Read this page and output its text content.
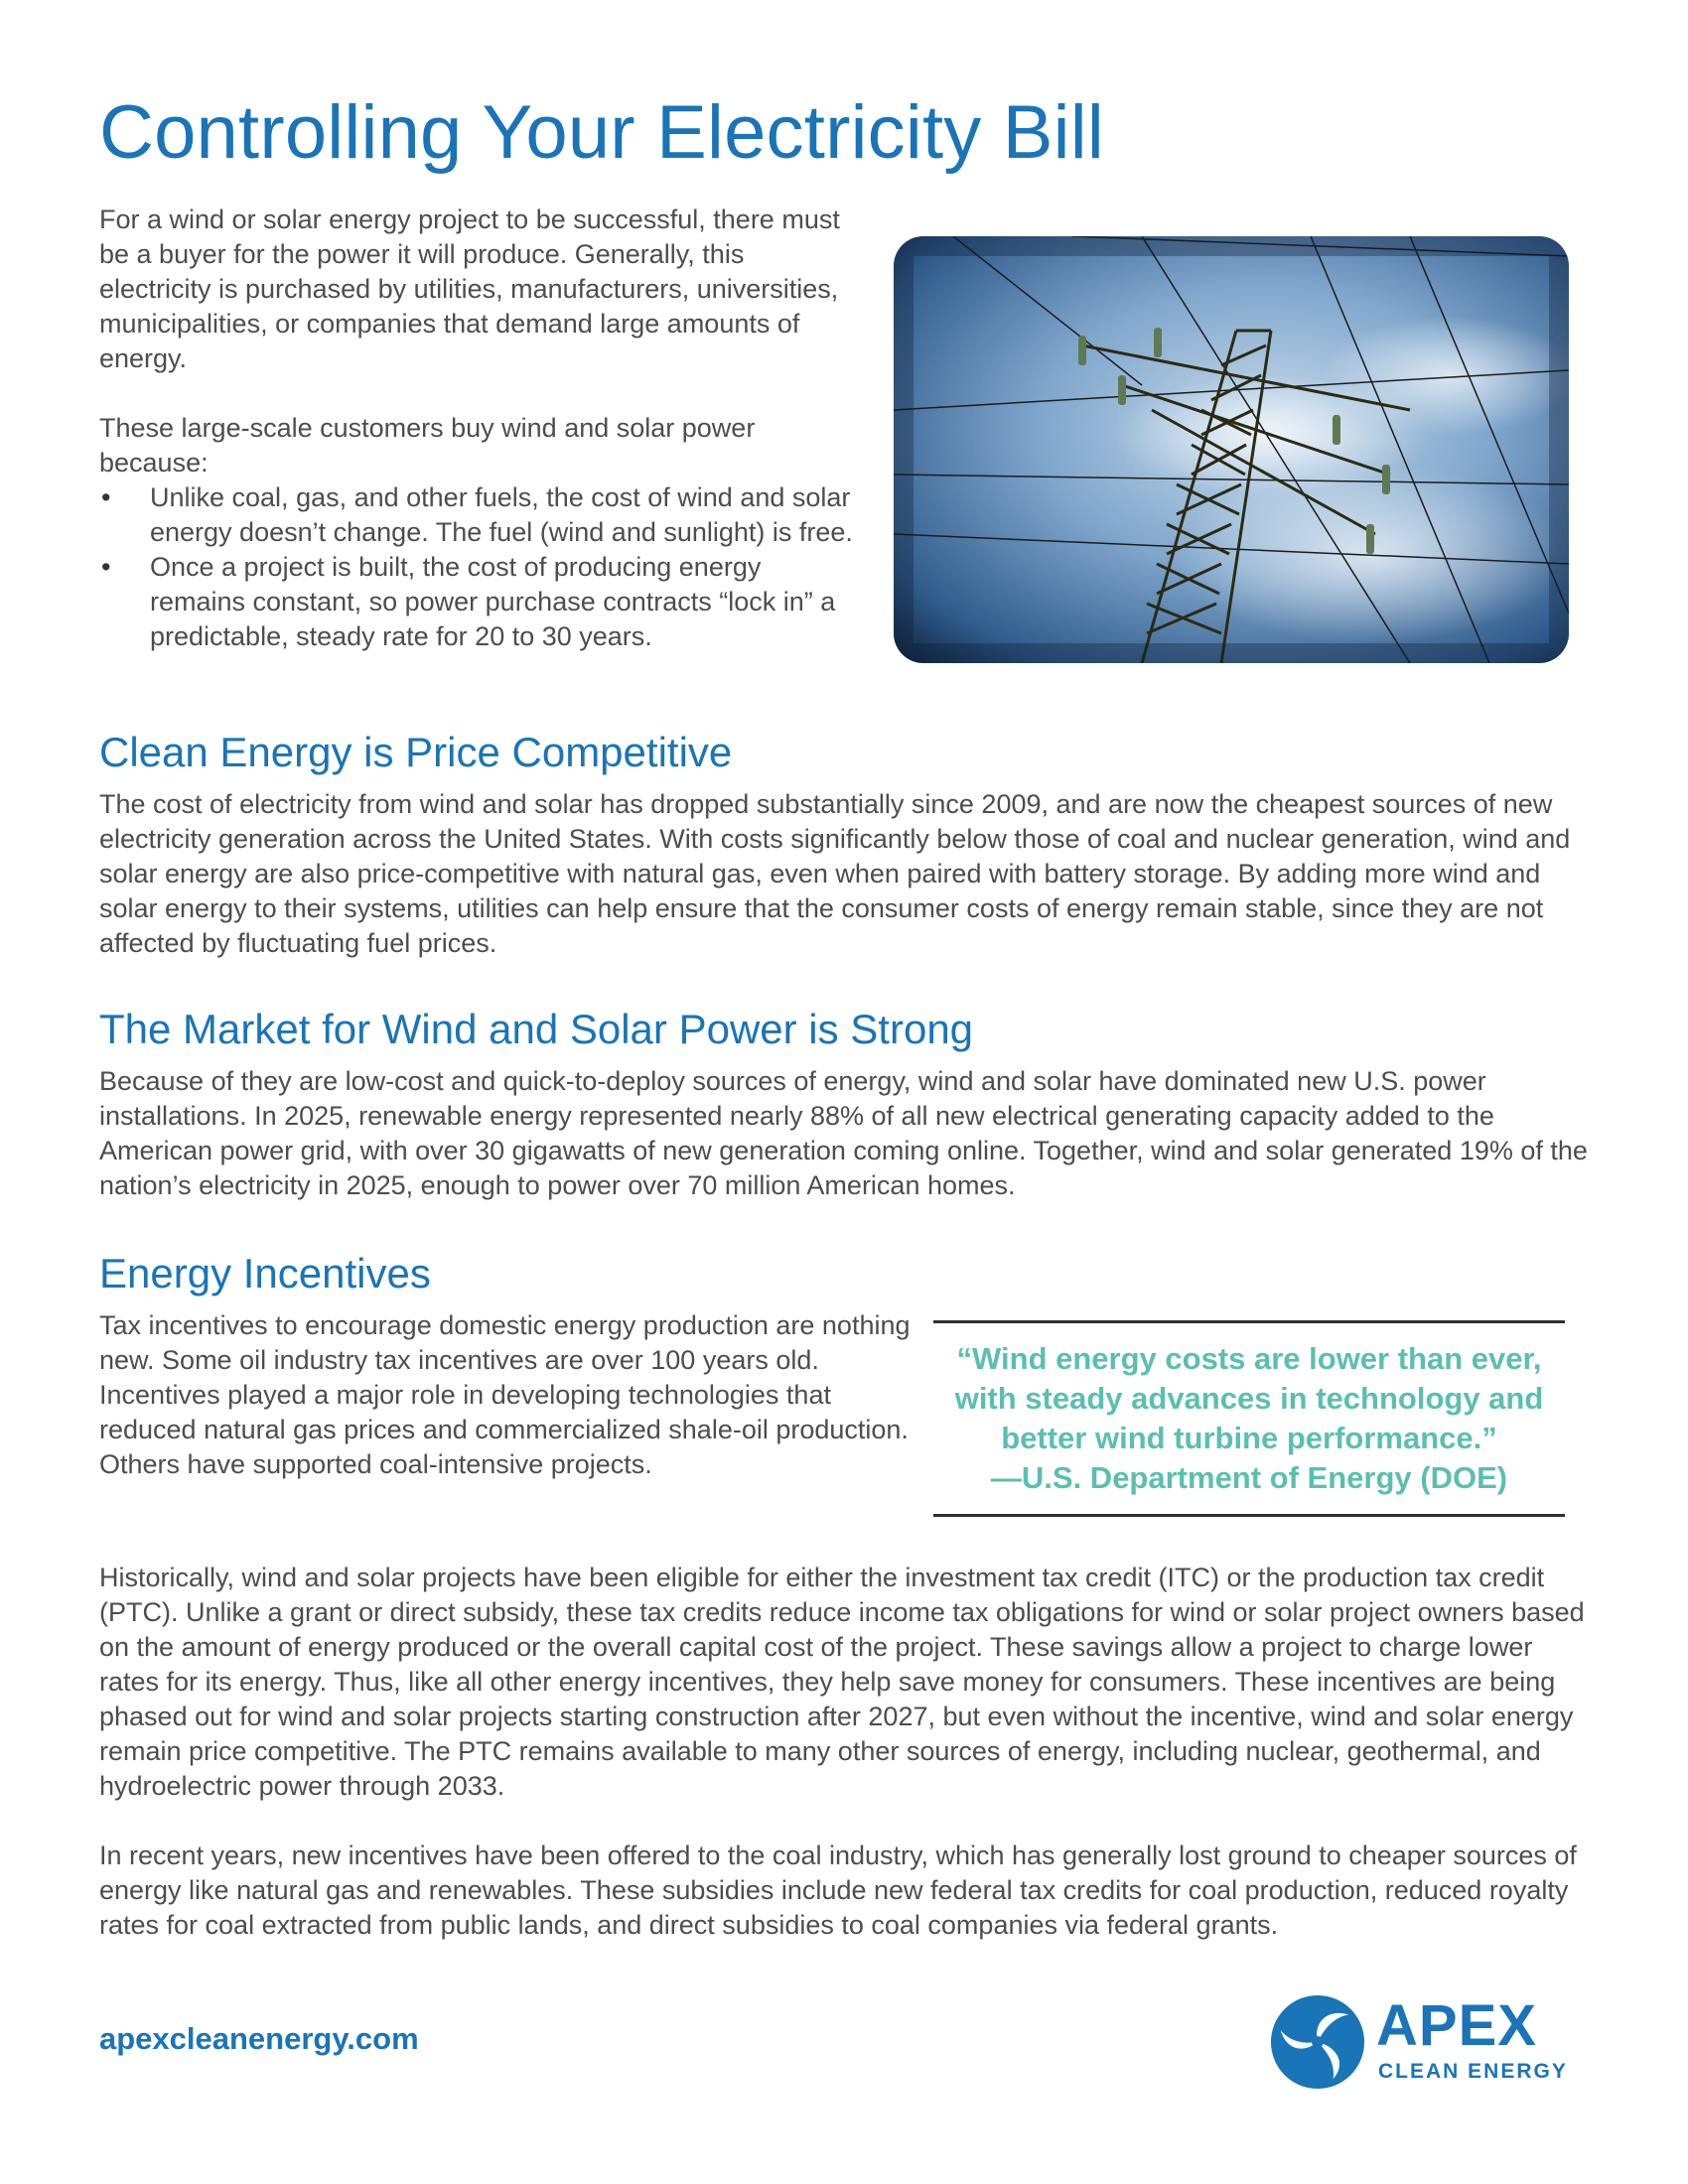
Controlling Your Electricity Bill

For a wind or solar energy project to be successful, there must be a buyer for the power it will produce. Generally, this electricity is purchased by utilities, manufacturers, universities, municipalities, or companies that demand large amounts of energy.

These large-scale customers buy wind and solar power because:

• Unlike coal, gas, and other fuels, the cost of wind and solar energy doesn’t change. The fuel (wind and sunlight) is free.
• Once a project is built, the cost of producing energy remains constant, so power purchase contracts “lock in” a predictable, steady rate for 20 to 30 years.
Clean Energy is Price Competitive

The cost of electricity from wind and solar has dropped substantially since 2009, and are now the cheapest sources of new electricity generation across the United States. With costs significantly below those of coal and nuclear generation, wind and solar energy are also price-competitive with natural gas, even when paired with battery storage. By adding more wind and solar energy to their systems, utilities can help ensure that the consumer costs of energy remain stable, since they are not affected by fluctuating fuel prices.

The Market for Wind and Solar Power is Strong

Because of they are low-cost and quick-to-deploy sources of energy, wind and solar have dominated new U.S. power installations. In 2025, renewable energy represented nearly 88% of all new electrical generating capacity added to the American power grid, with over 30 gigawatts of new generation coming online. Together, wind and solar generated 19% of the nation’s electricity in 2025, enough to power over 70 million American homes.

Energy Incentives

Tax incentives to encourage domestic energy production are nothing new. Some oil industry tax incentives are over 100 years old. Incentives played a major role in developing technologies that reduced natural gas prices and commercialized shale-oil production. Others have supported coal-intensive projects.

“Wind energy costs are lower than ever, with steady advances in technology and better wind turbine performance.”

—U.S. Department of Energy (DOE)

Historically, wind and solar projects have been eligible for either the investment tax credit (ITC) or the production tax credit (PTC). Unlike a grant or direct subsidy, these tax credits reduce income tax obligations for wind or solar project owners based on the amount of energy produced or the overall capital cost of the project. These savings allow a project to charge lower rates for its energy. Thus, like all other energy incentives, they help save money for consumers. These incentives are being phased out for wind and solar projects starting construction after 2027, but even without the incentive, wind and solar energy remain price competitive. The PTC remains available to many other sources of energy, including nuclear, geothermal, and hydroelectric power through 2033.

In recent years, new incentives have been offered to the coal industry, which has generally lost ground to cheaper sources of energy like natural gas and renewables. These subsidies include new federal tax credits for coal production, reduced royalty rates for coal extracted from public lands, and direct subsidies to coal companies via federal grants.

apexcleanenergy.com	APEX

CLEAN ENERGY
